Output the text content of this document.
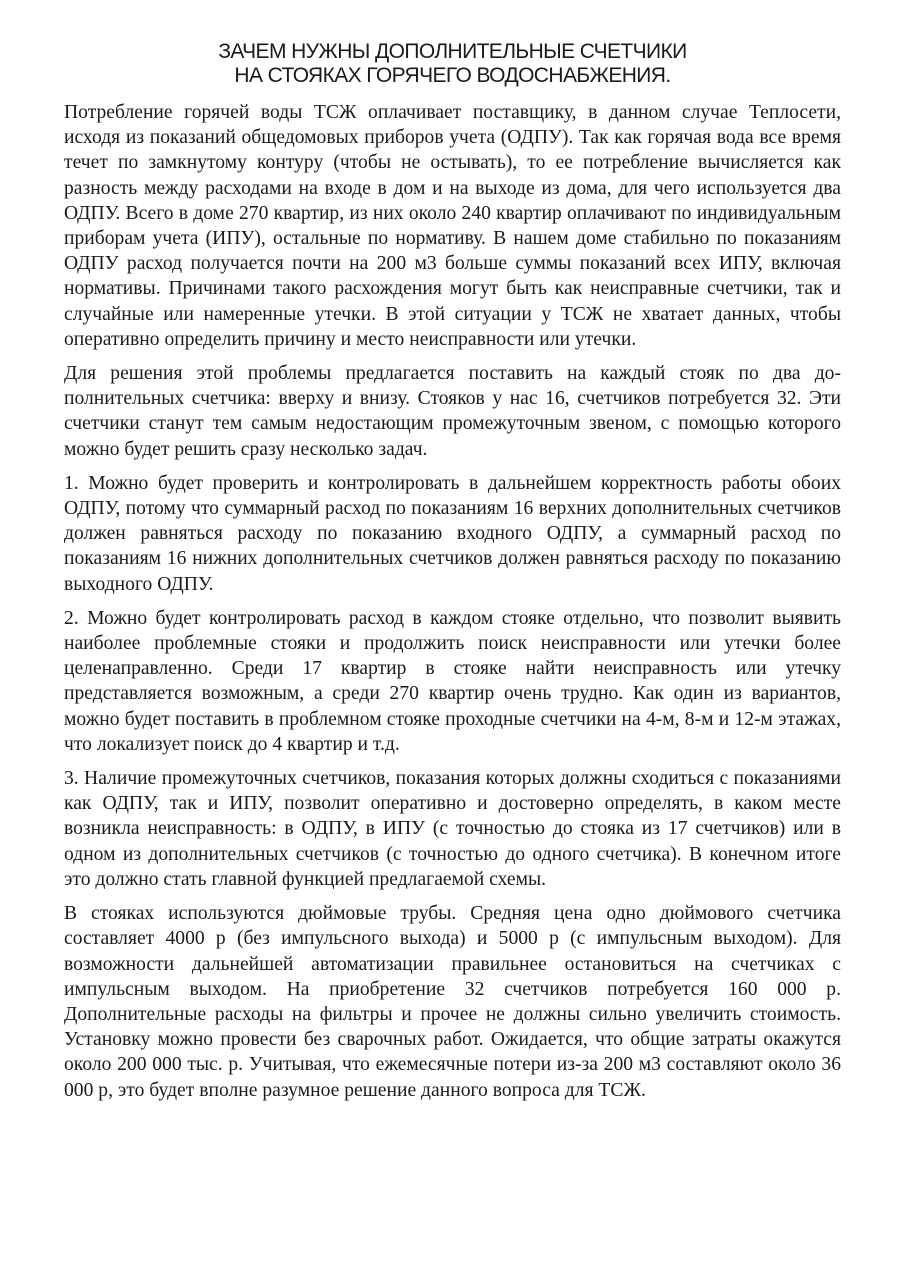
ЗАЧЕМ НУЖНЫ ДОПОЛНИТЕЛЬНЫЕ СЧЕТЧИКИ
НА СТОЯКАХ ГОРЯЧЕГО ВОДОСНАБЖЕНИЯ.

Потребление горячей воды ТСЖ оплачивает поставщику, в данном случае Теплосети, исходя из показаний общедомовых приборов учета (ОДПУ). Так как горячая вода все время течет по замкнутому контуру (чтобы не остывать), то ее потребление вычисляется как разность между расходами на входе в дом и на выходе из дома, для чего используется два ОДПУ. Всего в доме 270 квартир, из них около 240 квартир оплачивают по индивидуальным приборам учета (ИПУ), остальные по нормативу. В нашем доме стабильно по показаниям ОДПУ расход получается почти на 200 м3 больше суммы показаний всех ИПУ, включая нормативы. Причинами такого расхождения могут быть как неисправные счетчики, так и случайные или намеренные утечки. В этой ситуации у ТСЖ не хватает данных, чтобы оперативно определить причину и место неисправности или утечки.

Для решения этой проблемы предлагается поставить на каждый стояк по два дополнительных счетчика: вверху и внизу. Стояков у нас 16, счетчиков потребуется 32. Эти счетчики станут тем самым недостающим промежуточным звеном, с помощью которого можно будет решить сразу несколько задач.

1. Можно будет проверить и контролировать в дальнейшем корректность работы обоих ОДПУ, потому что суммарный расход по показаниям 16 верхних дополнительных счетчиков должен равняться расходу по показанию входного ОДПУ, а суммарный расход по показаниям 16 нижних дополнительных счетчиков должен равняться расходу по показанию выходного ОДПУ.

2. Можно будет контролировать расход в каждом стояке отдельно, что позволит выявить наиболее проблемные стояки и продолжить поиск неисправности или утечки более целенаправленно. Среди 17 квартир в стояке найти неисправность или утечку представляется возможным, а среди 270 квартир очень трудно. Как один из вариантов, можно будет поставить в проблемном стояке проходные счетчики на 4-м, 8-м и 12-м этажах, что локализует поиск до 4 квартир и т.д.

3. Наличие промежуточных счетчиков, показания которых должны сходиться с показаниями как ОДПУ, так и ИПУ, позволит оперативно и достоверно определять, в каком месте возникла неисправность: в ОДПУ, в ИПУ (с точностью до стояка из 17 счетчиков) или в одном из дополнительных счетчиков (с точностью до одного счетчика). В конечном итоге это должно стать главной функцией предлагаемой схемы.

В стояках используются дюймовые трубы. Средняя цена одно дюймового счетчика составляет 4000 р (без импульсного выхода) и 5000 р (с импульсным выходом). Для возможности дальнейшей автоматизации правильнее остановиться на счетчиках с импульсным выходом. На приобретение 32 счетчиков потребуется 160 000 р. Дополнительные расходы на фильтры и прочее не должны сильно увеличить стоимость. Установку можно провести без сварочных работ. Ожидается, что общие затраты окажутся около 200 000 тыс. р. Учитывая, что ежемесячные потери из-за 200 м3 составляют около 36 000 р, это будет вполне разумное решение данного вопроса для ТСЖ.
